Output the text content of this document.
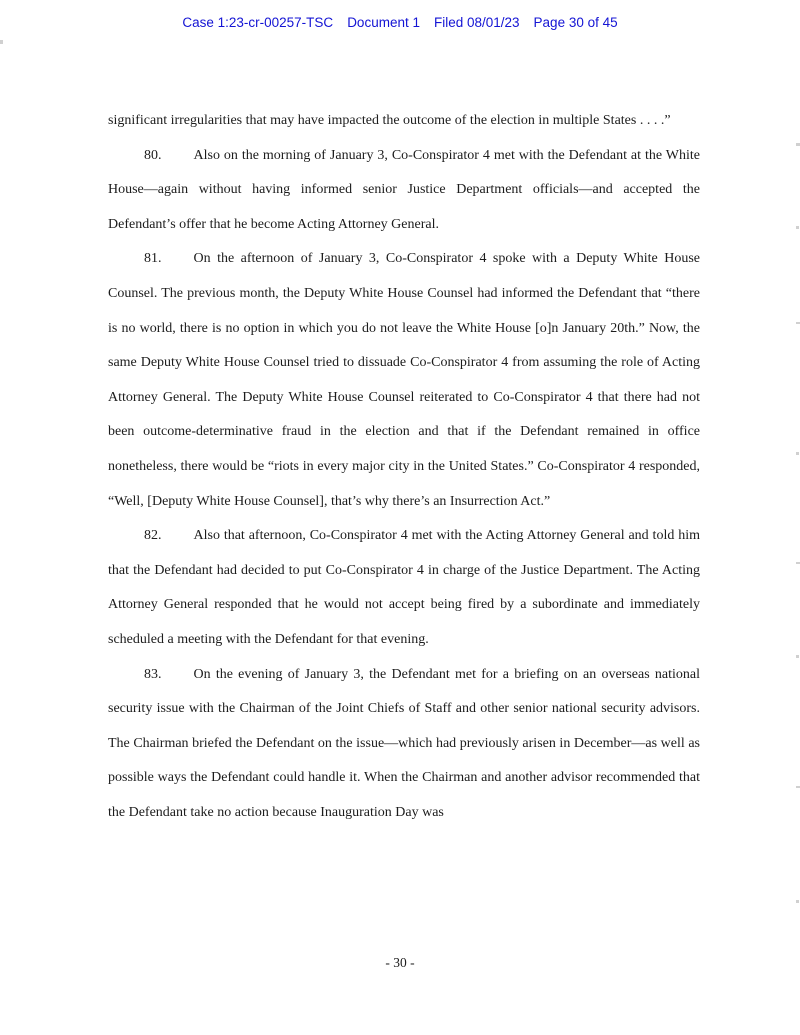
Case 1:23-cr-00257-TSC Document 1 Filed 08/01/23 Page 30 of 45

significant irregularities that may have impacted the outcome of the election in multiple States . . . .”

80. Also on the morning of January 3, Co-Conspirator 4 met with the Defendant at the White House—again without having informed senior Justice Department officials—and accepted the Defendant’s offer that he become Acting Attorney General.

81. On the afternoon of January 3, Co-Conspirator 4 spoke with a Deputy White House Counsel. The previous month, the Deputy White House Counsel had informed the Defendant that “there is no world, there is no option in which you do not leave the White House [o]n January 20th.” Now, the same Deputy White House Counsel tried to dissuade Co-Conspirator 4 from assuming the role of Acting Attorney General. The Deputy White House Counsel reiterated to Co-Conspirator 4 that there had not been outcome-determinative fraud in the election and that if the Defendant remained in office nonetheless, there would be “riots in every major city in the United States.” Co-Conspirator 4 responded, “Well, [Deputy White House Counsel], that’s why there’s an Insurrection Act.”

82. Also that afternoon, Co-Conspirator 4 met with the Acting Attorney General and told him that the Defendant had decided to put Co-Conspirator 4 in charge of the Justice Department. The Acting Attorney General responded that he would not accept being fired by a subordinate and immediately scheduled a meeting with the Defendant for that evening.

83. On the evening of January 3, the Defendant met for a briefing on an overseas national security issue with the Chairman of the Joint Chiefs of Staff and other senior national security advisors. The Chairman briefed the Defendant on the issue—which had previously arisen in December—as well as possible ways the Defendant could handle it. When the Chairman and another advisor recommended that the Defendant take no action because Inauguration Day was

- 30 -
